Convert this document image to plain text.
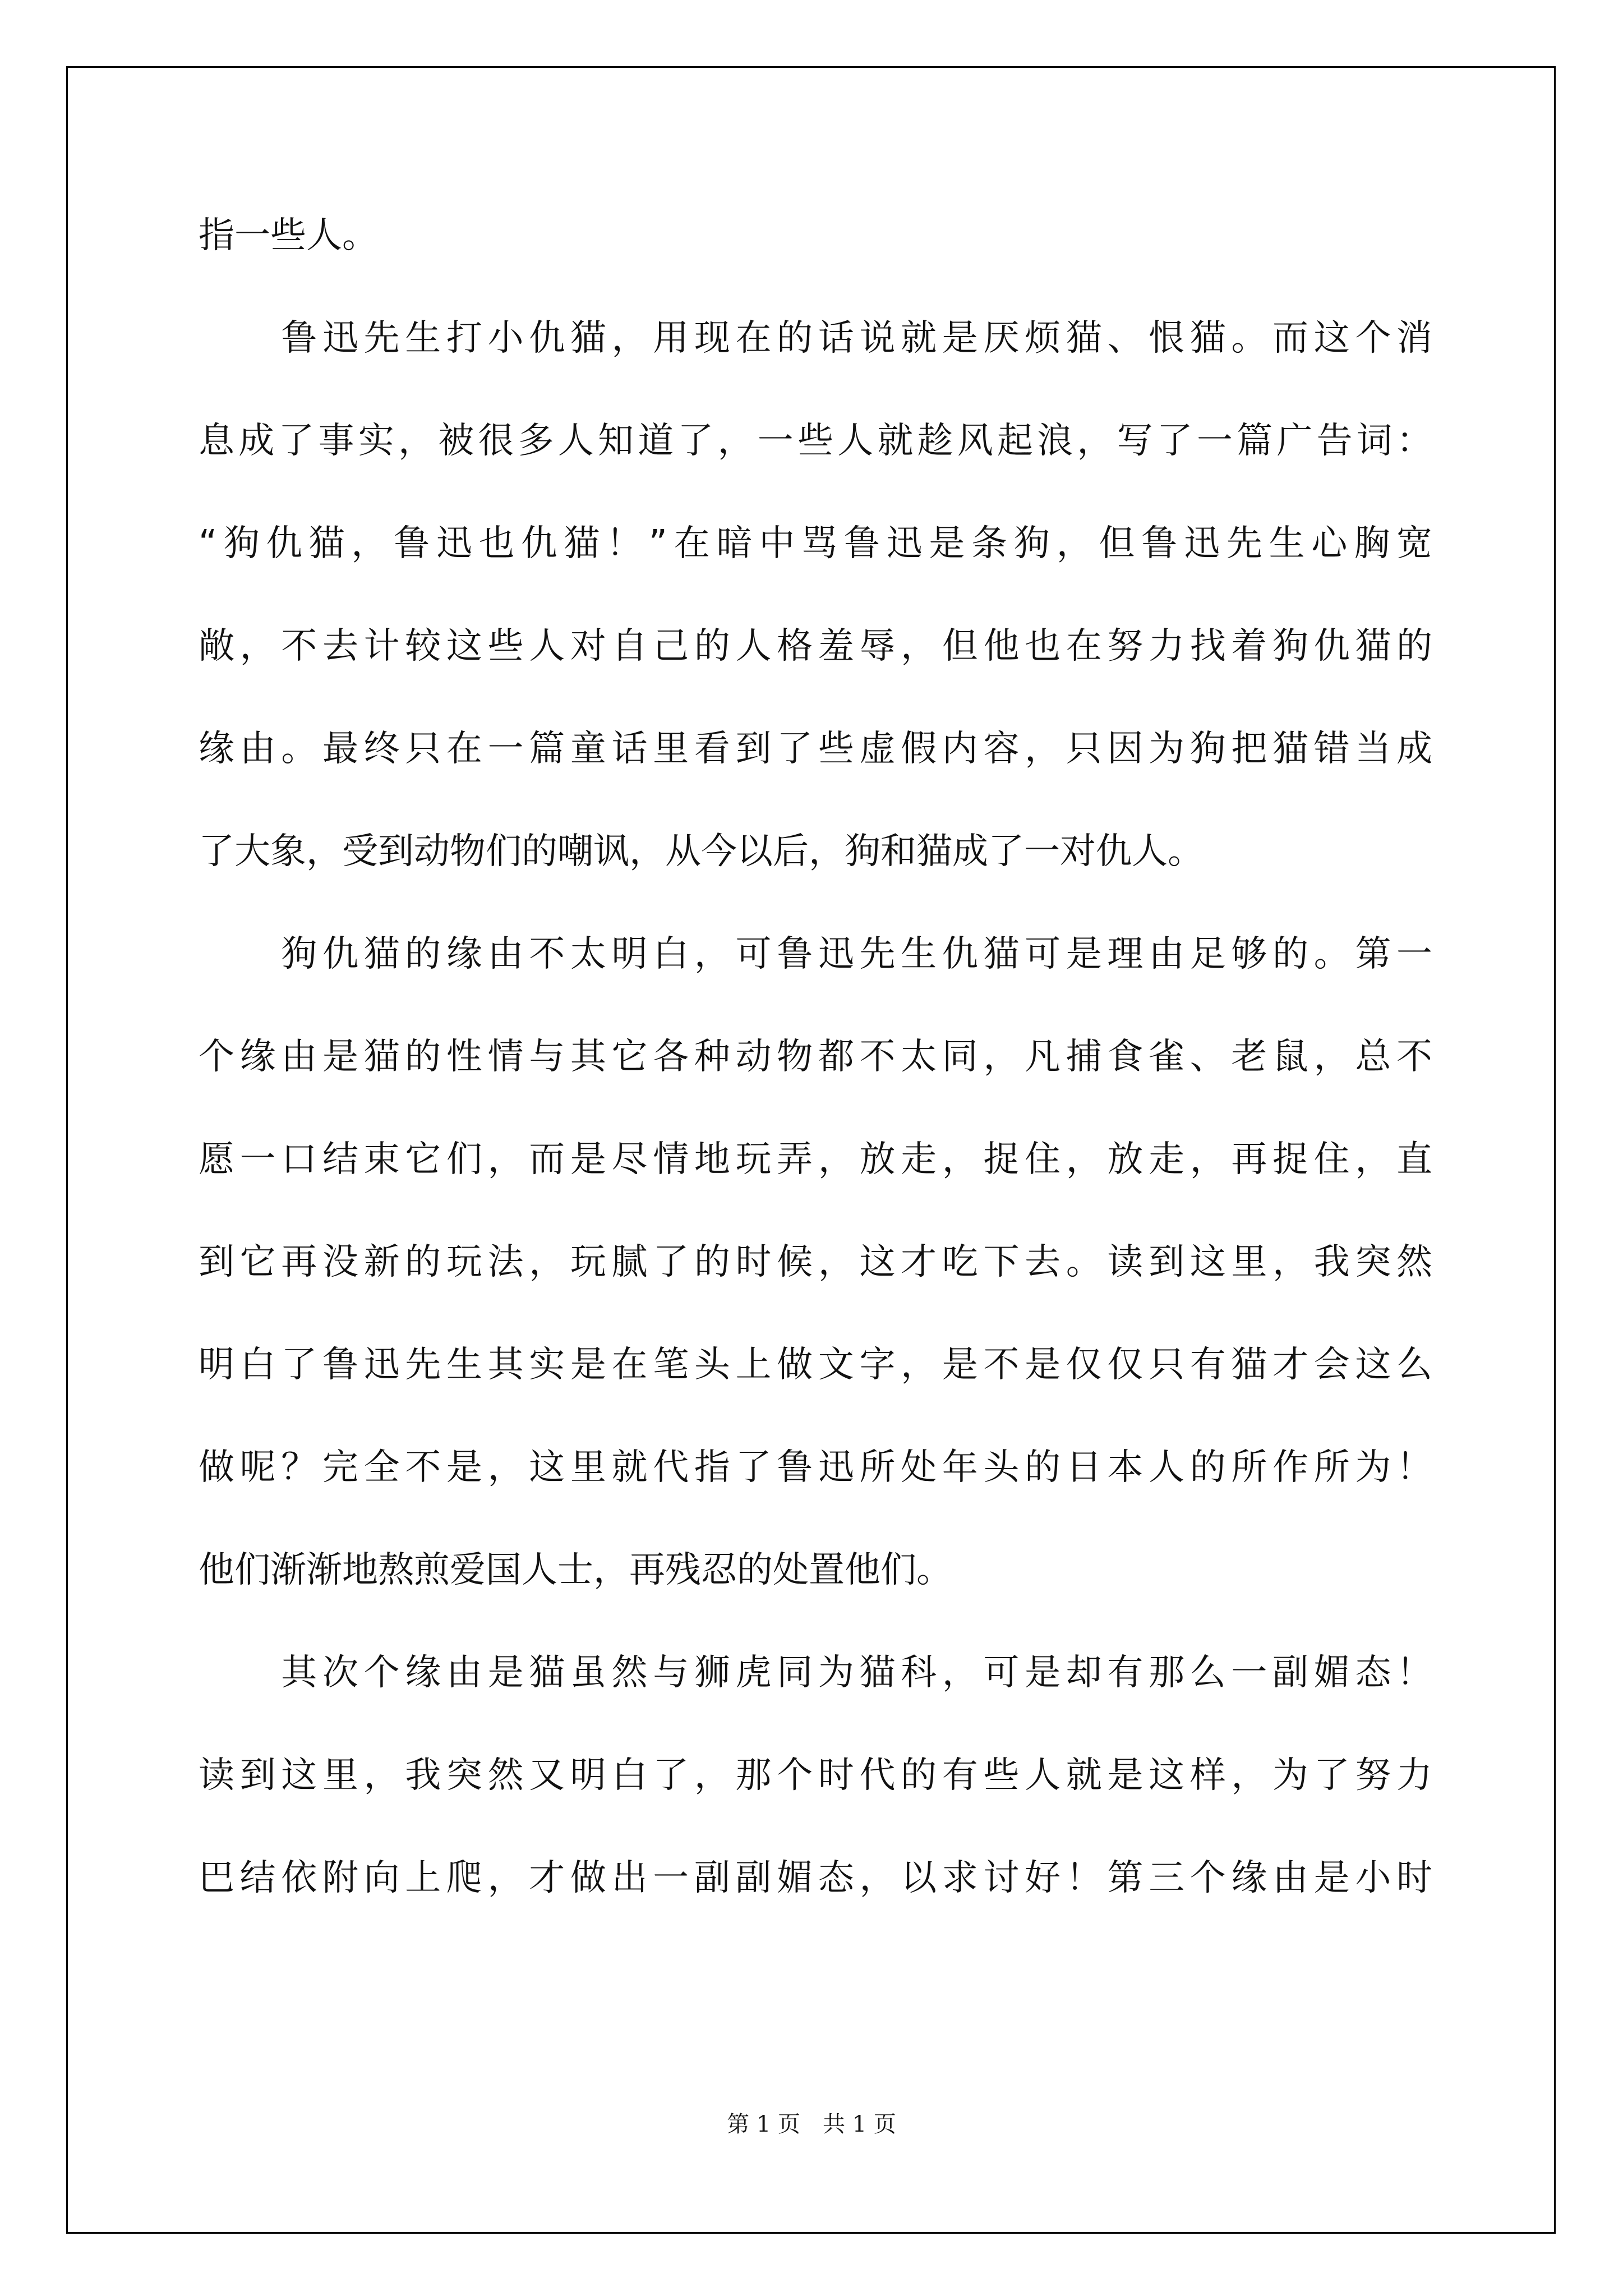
指一些人。
　　鲁迅先生打小仇猫，用现在的话说就是厌烦猫、恨猫。而这个消
息成了事实，被很多人知道了，一些人就趁风起浪，写了一篇广告词：
“狗仇猫，鲁迅也仇猫！”在暗中骂鲁迅是条狗，但鲁迅先生心胸宽
敞，不去计较这些人对自己的人格羞辱，但他也在努力找着狗仇猫的
缘由。最终只在一篇童话里看到了些虚假内容，只因为狗把猫错当成
了大象，受到动物们的嘲讽，从今以后，狗和猫成了一对仇人。
　　狗仇猫的缘由不太明白，可鲁迅先生仇猫可是理由足够的。第一
个缘由是猫的性情与其它各种动物都不太同，凡捕食雀、老鼠，总不
愿一口结束它们，而是尽情地玩弄，放走，捉住，放走，再捉住，直
到它再没新的玩法，玩腻了的时候，这才吃下去。读到这里，我突然
明白了鲁迅先生其实是在笔头上做文字，是不是仅仅只有猫才会这么
做呢？完全不是，这里就代指了鲁迅所处年头的日本人的所作所为！
他们渐渐地熬煎爱国人士，再残忍的处置他们。
　　其次个缘由是猫虽然与狮虎同为猫科，可是却有那么一副媚态！
读到这里，我突然又明白了，那个时代的有些人就是这样，为了努力
巴结依附向上爬，才做出一副副媚态，以求讨好！第三个缘由是小时
第 1 页　共 1 页
